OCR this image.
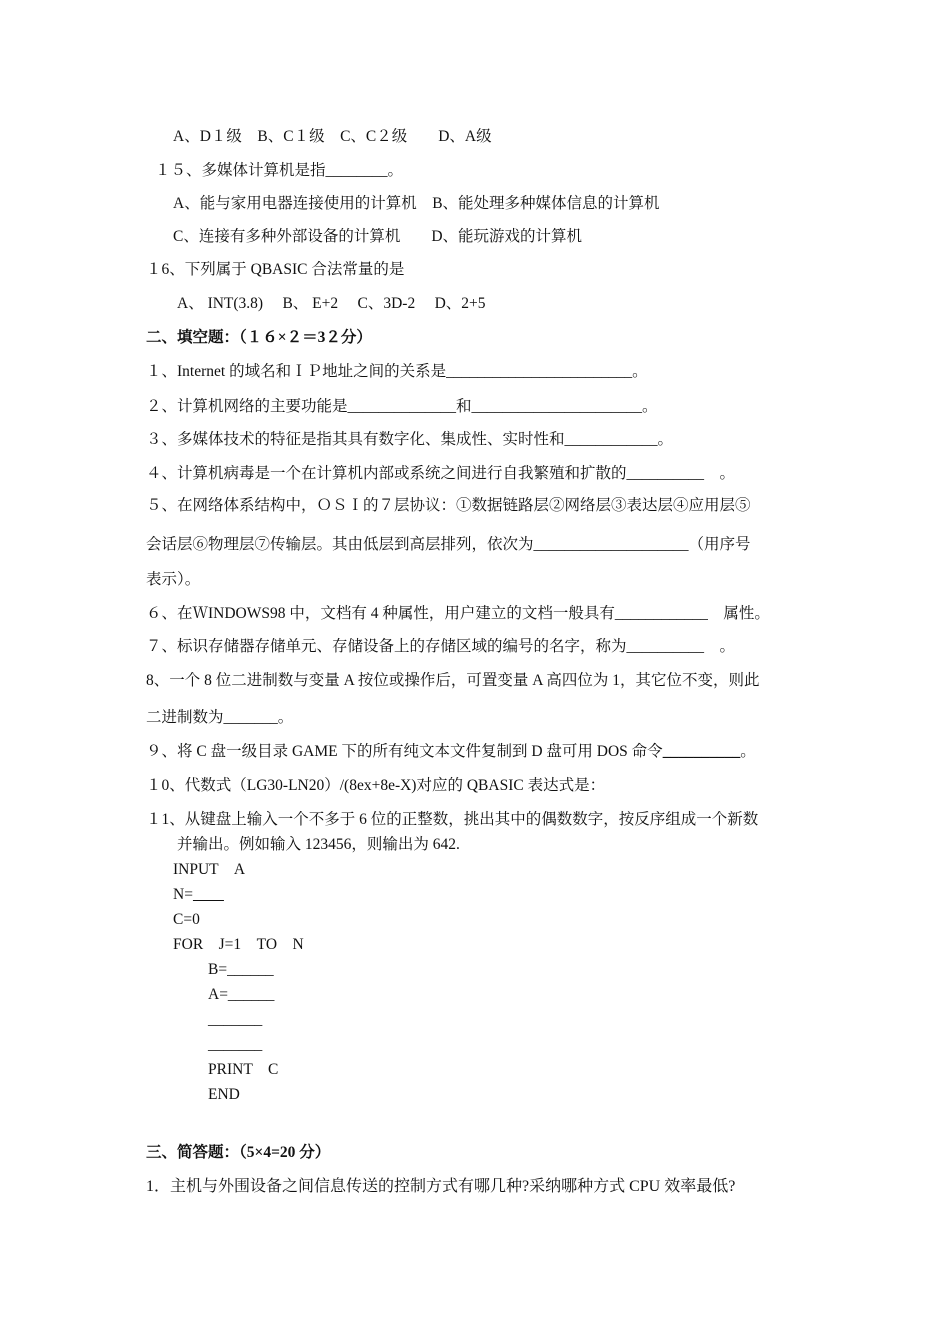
A、D１级　B、C１级　C、C２级　　D、A级
１５、多媒体计算机是指________。
A、能与家用电器连接使用的计算机　B、能处理多种媒体信息的计算机
C、连接有多种外部设备的计算机　　D、能玩游戏的计算机
１6、下列属于 QBASIC 合法常量的是
A、 INT(3.8)　 B、 E+2　 C、3D-2　 D、2+5
二、填空题：（１６×２＝3２分）
１、Internet 的域名和ＩＰ地址之间的关系是________________________。
２、计算机网络的主要功能是______________和______________________。
３、多媒体技术的特征是指其具有数字化、集成性、实时性和____________。
４、计算机病毒是一个在计算机内部或系统之间进行自我繁殖和扩散的__________　。
５、在网络体系结构中，ＯＳＩ的７层协议：①数据链路层②网络层③表达层④应用层⑤
会话层⑥物理层⑦传输层。其由低层到高层排列，依次为____________________（用序号
表示）。
６、在ＷINDOWS98 中，文档有 4 种属性，用户建立的文档一般具有____________　属性。
７、标识存储器存储单元、存储设备上的存储区域的编号的名字，称为__________　。
8、一个 8 位二进制数与变量 A 按位或操作后，可置变量 A 高四位为 1，其它位不变，则此
二进制数为_______。
９、将 C 盘一级目录 GAME 下的所有纯文本文件复制到 D 盘可用 DOS 命令__________。
１0、代数式（LG30-LN20）/(8ex+8e-X)对应的 QBASIC 表达式是：
１1、从键盘上输入一个不多于 6 位的正整数，挑出其中的偶数数字，按反序组成一个新数
并输出。例如输入 123456，则输出为 642.
INPUT　A
N=
C=0
FOR　J=1　TO　N
B=______
A=______
_______
_______
PRINT　C
END
三、简答题：（5×4=20 分）
1．主机与外围设备之间信息传送的控制方式有哪几种?采纳哪种方式 CPU 效率最低?
